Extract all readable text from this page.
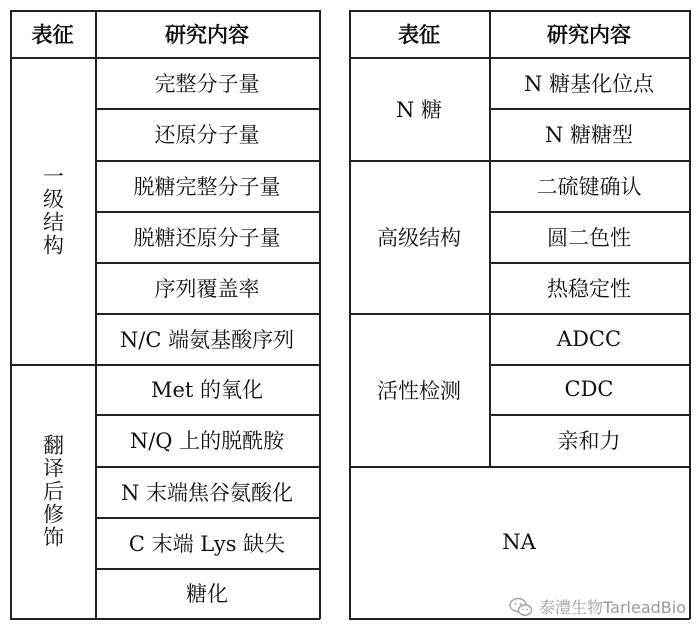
表征	研究内容
一级结构
翻译后修饰
完整分子量
还原分子量
脱糖完整分子量
脱糖还原分子量
序列覆盖率
N/C 端氨基酸序列
Met 的氧化
N/Q 上的脱酰胺
N 末端焦谷氨酸化
C 末端 Lys 缺失
糖化
表征	研究内容
N 糖
高级结构
活性检测
N 糖基化位点
N 糖糖型
二硫键确认
圆二色性
热稳定性
ADCC
CDC
亲和力
NA
泰澧生物TarleadBio
